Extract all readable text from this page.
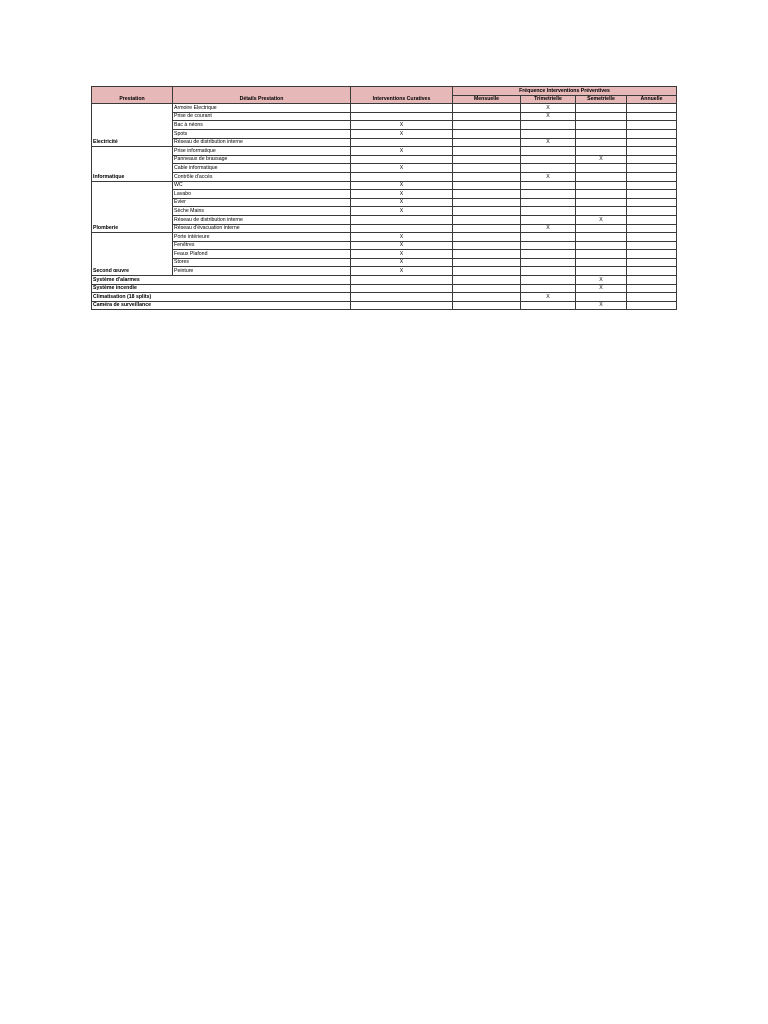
			Fréquence Interventions Préventives			
Prestation	Détails Prestation	Interventions Curatives	Mensuelle	Trimetrielle	Semetrielle	Annuelle
	Armoire Electrique			X		
	Prise de courant			X		
	Bac à néons	X				
	Spots	X				
Electricité	Réseau de distribution interne			X		
	Prise informatique	X				
	Panneaux de brassage				X	
	Cable informatique	X				
Informatique	Contrôle d'accès			X		
	WC	X				
	Lavabo	X				
	Evier	X				
	Sèche Mains	X				
	Réseau de distribution interne				X	
Plomberie	Réseau d'évacuation interne			X		
	Porte intérieure	X				
	Fenêtres	X				
	Feaux Plafond	X				
	Stores	X				
Second œuvre	Peinture	X				
Système d'alarmes					X	
Système incendie					X	
Climatisation (18 splits)				X		
Caméra de surveillance					X	
